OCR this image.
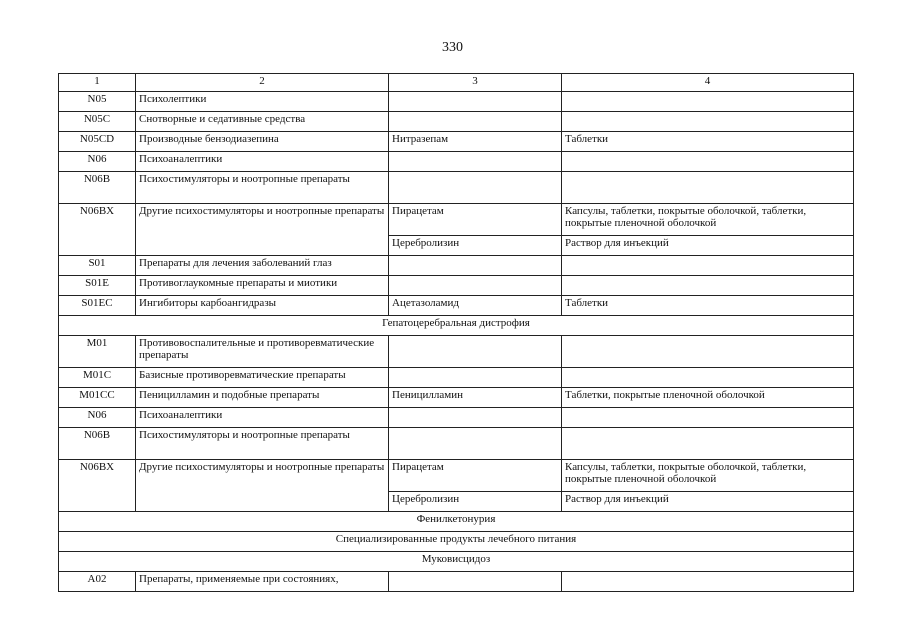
330
1	2	3	4
N05	Психолептики		
N05C	Снотворные и седативные средства		
N05CD	Производные бензодиазепина	Нитразепам	Таблетки
N06	Психоаналептики		
N06B	Психостимуляторы и ноотропные препараты		
N06BX	Другие психостимуляторы и ноотропные препараты	Пирацетам	Капсулы, таблетки, покрытые оболочкой, таблетки, покрытые пленочной оболочкой
		Церебролизин	Раствор для инъекций
S01	Препараты для лечения заболеваний глаз		
S01E	Противоглаукомные препараты и миотики		
S01EC	Ингибиторы карбоангидразы	Ацетазоламид	Таблетки
Гепатоцеребральная дистрофия			
M01	Противовоспалительные и противоревматические препараты		
M01C	Базисные противоревматические препараты		
M01CC	Пеницилламин и подобные препараты	Пеницилламин	Таблетки, покрытые пленочной оболочкой
N06	Психоаналептики		
N06B	Психостимуляторы и ноотропные препараты		
N06BX	Другие психостимуляторы и ноотропные препараты	Пирацетам	Капсулы, таблетки, покрытые оболочкой, таблетки, покрытые пленочной оболочкой
		Церебролизин	Раствор для инъекций
Фенилкетонурия			
Специализированные продукты лечебного питания			
Муковисцидоз			
A02	Препараты, применяемые при состояниях,		
